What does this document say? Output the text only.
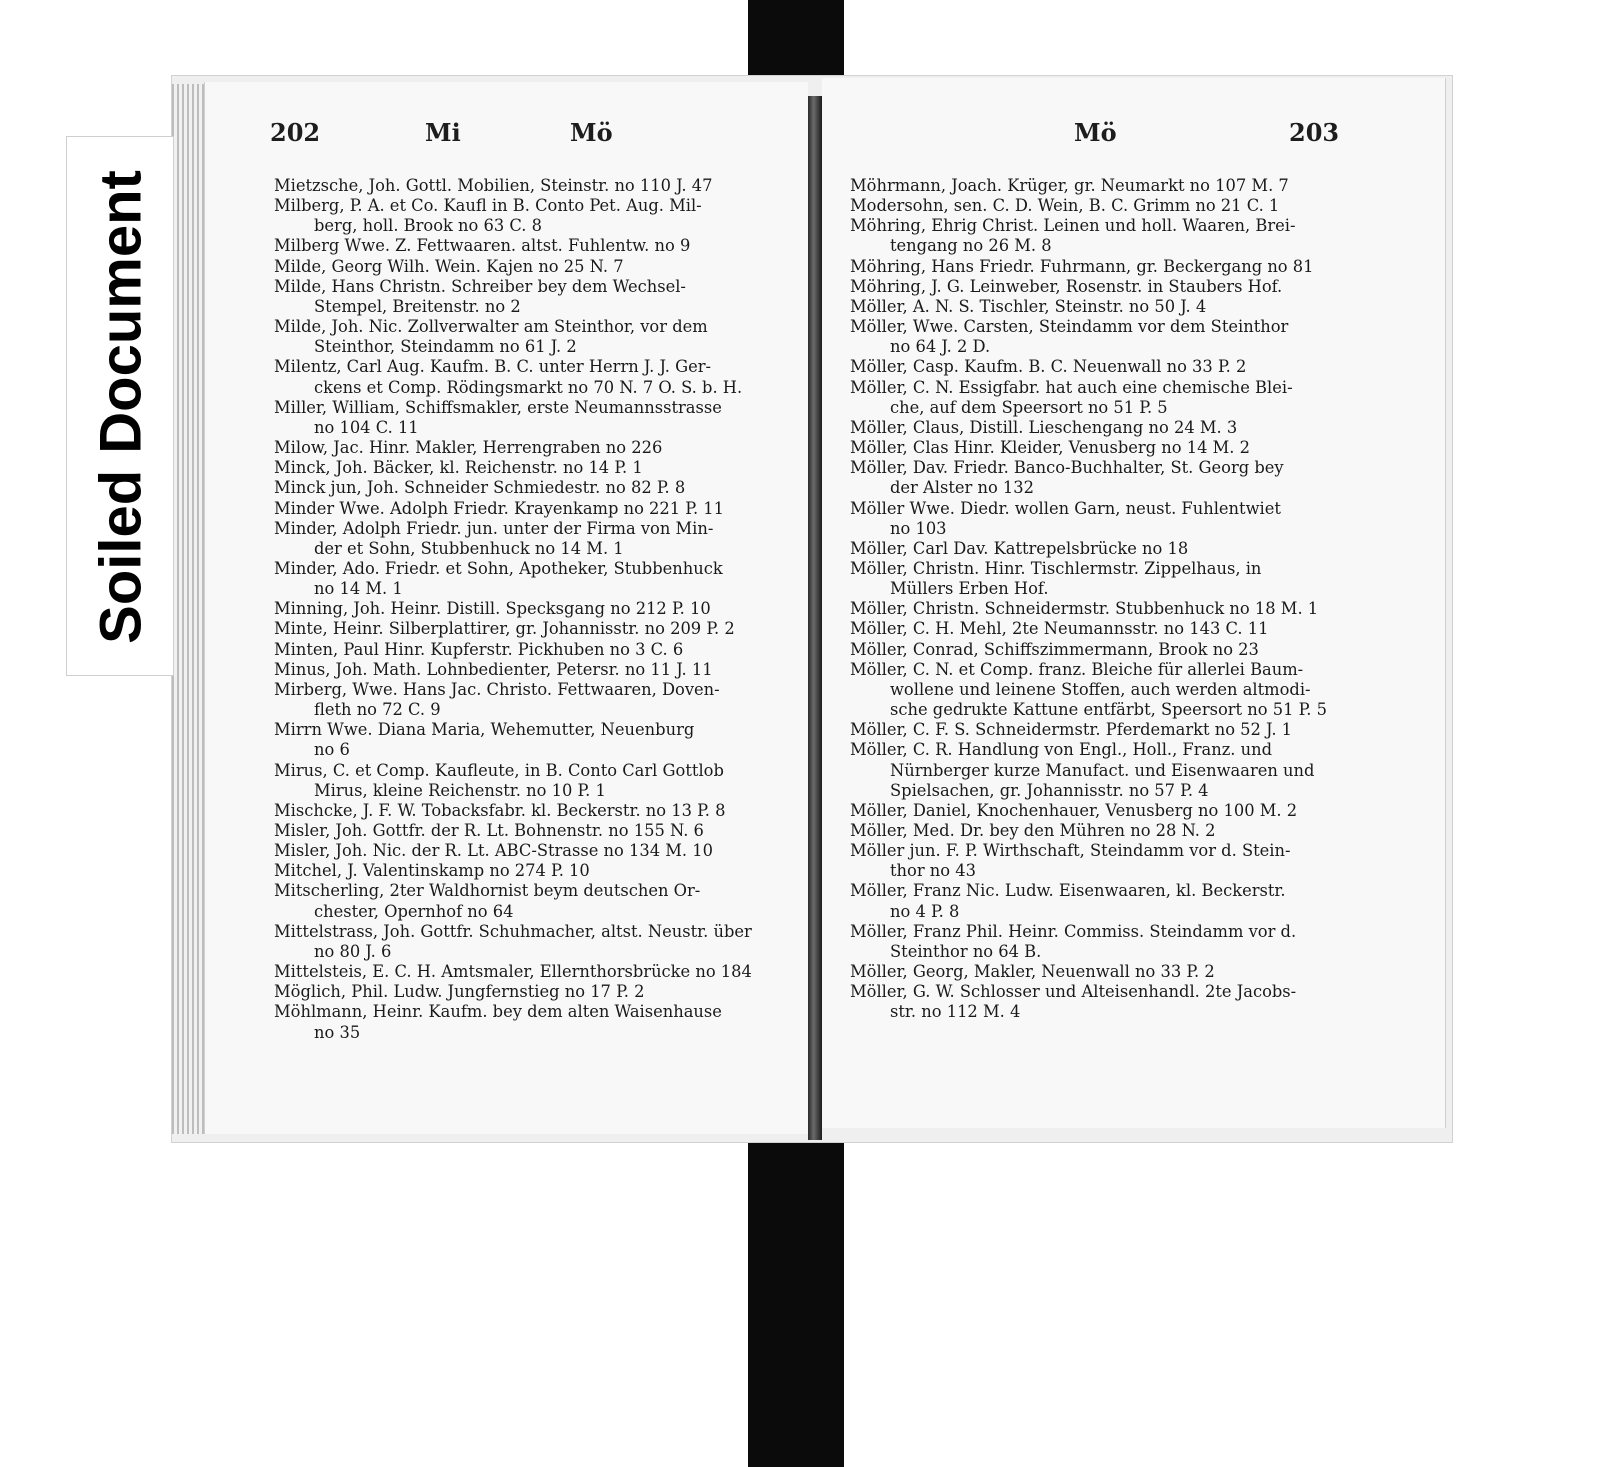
Soiled Document
202	Mi	Mö	Mö	203
Mietzsche, Joh. Gottl. Mobilien, Steinstr. no 110 J. 47
Milberg, P. A. et Co. Kaufl in B. Conto Pet. Aug. Mil-
berg, holl. Brook no 63 C. 8
Milberg Wwe. Z. Fettwaaren. altst. Fuhlentw. no 9
Milde, Georg Wilh. Wein. Kajen no 25 N. 7
Milde, Hans Christn. Schreiber bey dem Wechsel-
Stempel, Breitenstr. no 2
Milde, Joh. Nic. Zollverwalter am Steinthor, vor dem
Steinthor, Steindamm no 61 J. 2
Milentz, Carl Aug. Kaufm. B. C. unter Herrn J. J. Ger-
ckens et Comp. Rödingsmarkt no 70 N. 7 O. S. b. H.
Miller, William, Schiffsmakler, erste Neumannsstrasse
no 104 C. 11
Milow, Jac. Hinr. Makler, Herrengraben no 226
Minck, Joh. Bäcker, kl. Reichenstr. no 14 P. 1
Minck jun, Joh. Schneider Schmiedestr. no 82 P. 8
Minder Wwe. Adolph Friedr. Krayenkamp no 221 P. 11
Minder, Adolph Friedr. jun. unter der Firma von Min-
der et Sohn, Stubbenhuck no 14 M. 1
Minder, Ado. Friedr. et Sohn, Apotheker, Stubbenhuck
no 14 M. 1
Minning, Joh. Heinr. Distill. Specksgang no 212 P. 10
Minte, Heinr. Silberplattirer, gr. Johannisstr. no 209 P. 2
Minten, Paul Hinr. Kupferstr. Pickhuben no 3 C. 6
Minus, Joh. Math. Lohnbedienter, Petersr. no 11 J. 11
Mirberg, Wwe. Hans Jac. Christo. Fettwaaren, Doven-
fleth no 72 C. 9
Mirrn Wwe. Diana Maria, Wehemutter, Neuenburg
no 6
Mirus, C. et Comp. Kaufleute, in B. Conto Carl Gottlob
Mirus, kleine Reichenstr. no 10 P. 1
Mischcke, J. F. W. Tobacksfabr. kl. Beckerstr. no 13 P. 8
Misler, Joh. Gottfr. der R. Lt. Bohnenstr. no 155 N. 6
Misler, Joh. Nic. der R. Lt. ABC-Strasse no 134 M. 10
Mitchel, J. Valentinskamp no 274 P. 10
Mitscherling, 2ter Waldhornist beym deutschen Or-
chester, Opernhof no 64
Mittelstrass, Joh. Gottfr. Schuhmacher, altst. Neustr. über
no 80 J. 6
Mittelsteis, E. C. H. Amtsmaler, Ellernthorsbrücke no 184
Möglich, Phil. Ludw. Jungfernstieg no 17 P. 2
Möhlmann, Heinr. Kaufm. bey dem alten Waisenhause
no 35
Möhrmann, Joach. Krüger, gr. Neumarkt no 107 M. 7
Modersohn, sen. C. D. Wein, B. C. Grimm no 21 C. 1
Möhring, Ehrig Christ. Leinen und holl. Waaren, Brei-
tengang no 26 M. 8
Möhring, Hans Friedr. Fuhrmann, gr. Beckergang no 81
Möhring, J. G. Leinweber, Rosenstr. in Staubers Hof.
Möller, A. N. S. Tischler, Steinstr. no 50 J. 4
Möller, Wwe. Carsten, Steindamm vor dem Steinthor
no 64 J. 2 D.
Möller, Casp. Kaufm. B. C. Neuenwall no 33 P. 2
Möller, C. N. Essigfabr. hat auch eine chemische Blei-
che, auf dem Speersort no 51 P. 5
Möller, Claus, Distill. Lieschengang no 24 M. 3
Möller, Clas Hinr. Kleider, Venusberg no 14 M. 2
Möller, Dav. Friedr. Banco-Buchhalter, St. Georg bey
der Alster no 132
Möller Wwe. Diedr. wollen Garn, neust. Fuhlentwiet
no 103
Möller, Carl Dav. Kattrepelsbrücke no 18
Möller, Christn. Hinr. Tischlermstr. Zippelhaus, in
Müllers Erben Hof.
Möller, Christn. Schneidermstr. Stubbenhuck no 18 M. 1
Möller, C. H. Mehl, 2te Neumannsstr. no 143 C. 11
Möller, Conrad, Schiffszimmermann, Brook no 23
Möller, C. N. et Comp. franz. Bleiche für allerlei Baum-
wollene und leinene Stoffen, auch werden altmodi-
sche gedrukte Kattune entfärbt, Speersort no 51 P. 5
Möller, C. F. S. Schneidermstr. Pferdemarkt no 52 J. 1
Möller, C. R. Handlung von Engl., Holl., Franz. und
Nürnberger kurze Manufact. und Eisenwaaren und
Spielsachen, gr. Johannisstr. no 57 P. 4
Möller, Daniel, Knochenhauer, Venusberg no 100 M. 2
Möller, Med. Dr. bey den Mühren no 28 N. 2
Möller jun. F. P. Wirthschaft, Steindamm vor d. Stein-
thor no 43
Möller, Franz Nic. Ludw. Eisenwaaren, kl. Beckerstr.
no 4 P. 8
Möller, Franz Phil. Heinr. Commiss. Steindamm vor d.
Steinthor no 64 B.
Möller, Georg, Makler, Neuenwall no 33 P. 2
Möller, G. W. Schlosser und Alteisenhandl. 2te Jacobs-
str. no 112 M. 4
